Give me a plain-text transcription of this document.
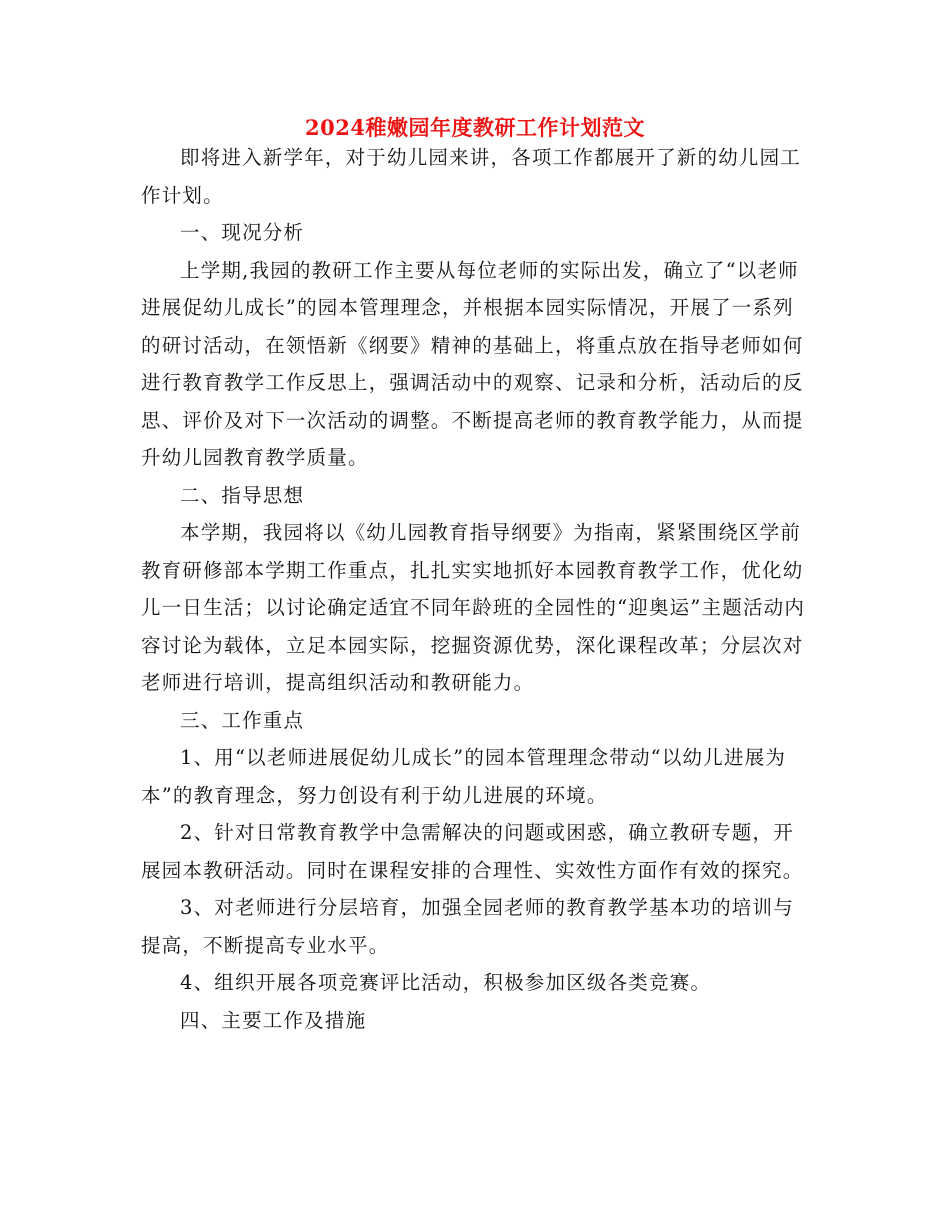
2024稚嫩园年度教研工作计划范文

即将进入新学年，对于幼儿园来讲，各项工作都展开了新的幼儿园工作计划。

一、现况分析

上学期,我园的教研工作主要从每位老师的实际出发，确立了“以老师进展促幼儿成长”的园本管理理念，并根据本园实际情况，开展了一系列的研讨活动，在领悟新《纲要》精神的基础上，将重点放在指导老师如何进行教育教学工作反思上，强调活动中的观察、记录和分析，活动后的反思、评价及对下一次活动的调整。不断提高老师的教育教学能力，从而提升幼儿园教育教学质量。

二、指导思想

本学期，我园将以《幼儿园教育指导纲要》为指南，紧紧围绕区学前教育研修部本学期工作重点，扎扎实实地抓好本园教育教学工作，优化幼儿一日生活；以讨论确定适宜不同年龄班的全园性的“迎奥运”主题活动内容讨论为载体，立足本园实际，挖掘资源优势，深化课程改革；分层次对老师进行培训，提高组织活动和教研能力。

三、工作重点

1、用“以老师进展促幼儿成长”的园本管理理念带动“以幼儿进展为本”的教育理念，努力创设有利于幼儿进展的环境。

2、针对日常教育教学中急需解决的问题或困惑，确立教研专题，开展园本教研活动。同时在课程安排的合理性、实效性方面作有效的探究。

3、对老师进行分层培育，加强全园老师的教育教学基本功的培训与提高，不断提高专业水平。

4、组织开展各项竞赛评比活动，积极参加区级各类竞赛。

四、主要工作及措施
